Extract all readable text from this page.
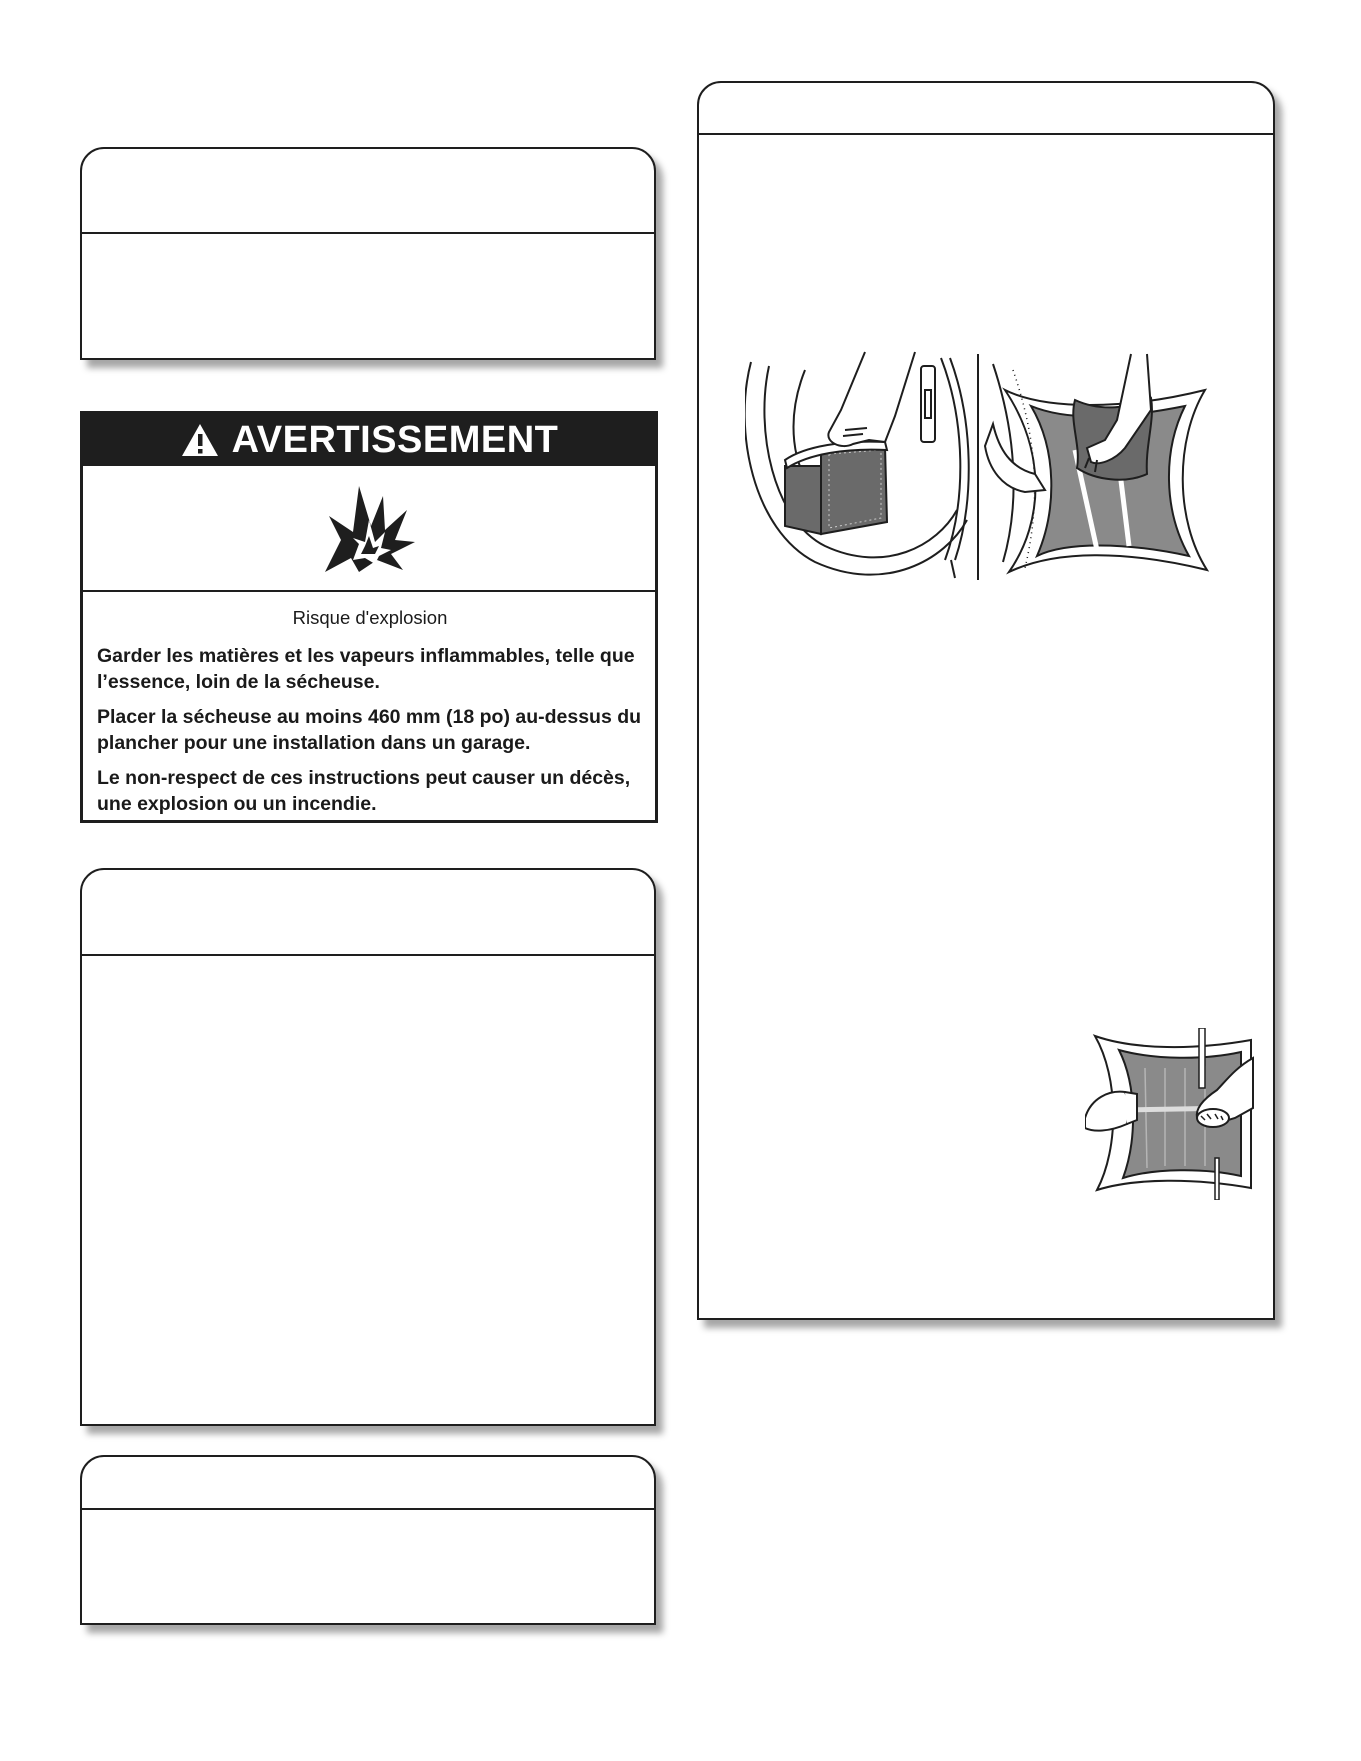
AVERTISSEMENT

Risque d'explosion

Garder les matières et les vapeurs inflammables, telle que l’essence, loin de la sécheuse.

Placer la sécheuse au moins 460 mm (18 po) au-dessus du plancher pour une installation dans un garage.

Le non-respect de ces instructions peut causer un décès, une explosion ou un incendie.
